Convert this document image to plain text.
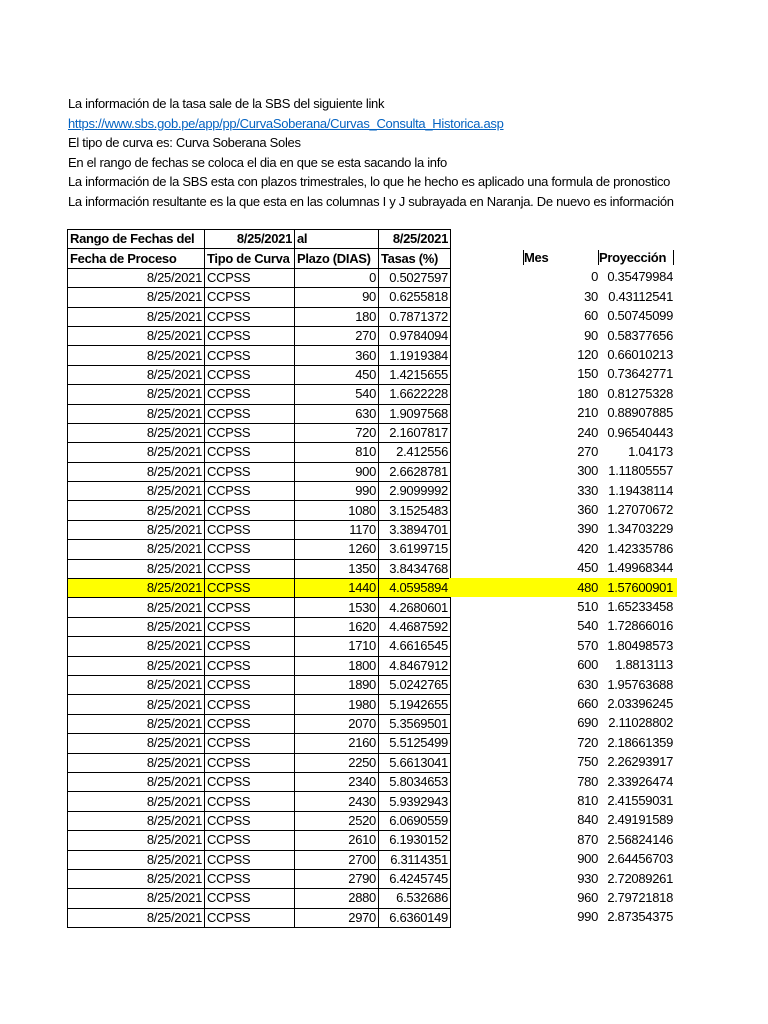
La información de la tasa sale de la SBS del siguiente link
https://www.sbs.gob.pe/app/pp/CurvaSoberana/Curvas_Consulta_Historica.asp
El tipo de curva es: Curva Soberana Soles
En el rango de fechas se coloca el dia en que se esta sacando la info
La información de la SBS esta con plazos trimestrales, lo que he hecho es aplicado una formula de pronostico
La información resultante es la que esta en las columnas I y J subrayada en Naranja. De nuevo es información
Rango de Fechas del	8/25/2021	al	8/25/2021
Fecha de Proceso	Tipo de Curva	Plazo (DIAS)	Tasas (%)
8/25/2021	CCPSS	0	0.5027597
8/25/2021	CCPSS	90	0.6255818
8/25/2021	CCPSS	180	0.7871372
8/25/2021	CCPSS	270	0.9784094
8/25/2021	CCPSS	360	1.1919384
8/25/2021	CCPSS	450	1.4215655
8/25/2021	CCPSS	540	1.6622228
8/25/2021	CCPSS	630	1.9097568
8/25/2021	CCPSS	720	2.1607817
8/25/2021	CCPSS	810	2.412556
8/25/2021	CCPSS	900	2.6628781
8/25/2021	CCPSS	990	2.9099992
8/25/2021	CCPSS	1080	3.1525483
8/25/2021	CCPSS	1170	3.3894701
8/25/2021	CCPSS	1260	3.6199715
8/25/2021	CCPSS	1350	3.8434768
8/25/2021	CCPSS	1440	4.0595894
8/25/2021	CCPSS	1530	4.2680601
8/25/2021	CCPSS	1620	4.4687592
8/25/2021	CCPSS	1710	4.6616545
8/25/2021	CCPSS	1800	4.8467912
8/25/2021	CCPSS	1890	5.0242765
8/25/2021	CCPSS	1980	5.1942655
8/25/2021	CCPSS	2070	5.3569501
8/25/2021	CCPSS	2160	5.5125499
8/25/2021	CCPSS	2250	5.6613041
8/25/2021	CCPSS	2340	5.8034653
8/25/2021	CCPSS	2430	5.9392943
8/25/2021	CCPSS	2520	6.0690559
8/25/2021	CCPSS	2610	6.1930152
8/25/2021	CCPSS	2700	6.3114351
8/25/2021	CCPSS	2790	6.4245745
8/25/2021	CCPSS	2880	6.532686
8/25/2021	CCPSS	2970	6.6360149
Mes	Proyección
0 0.35479984
30 0.43112541
60 0.50745099
90 0.58377656
120 0.66010213
150 0.73642771
180 0.81275328
210 0.88907885
240 0.96540443
270	1.04173
300 1.11805557
330 1.19438114
360 1.27070672
390 1.34703229
420 1.42335786
450 1.49968344
480 1.57600901
510 1.65233458
540 1.72866016
570 1.80498573
600	1.8813113
630 1.95763688
660 2.03396245
690 2.11028802
720 2.18661359
750 2.26293917
780 2.33926474
810 2.41559031
840 2.49191589
870 2.56824146
900 2.64456703
930 2.72089261
960 2.79721818
990 2.87354375
